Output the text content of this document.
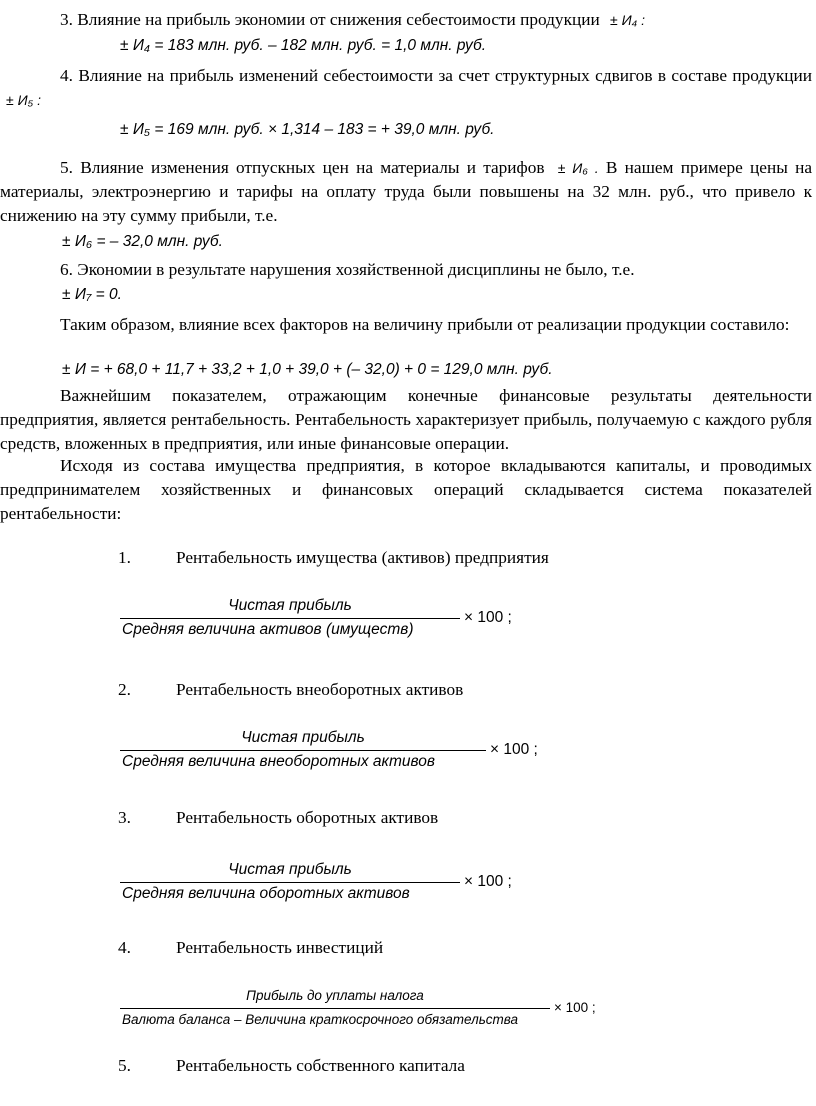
3. Влияние на прибыль экономии от снижения себестоимости продукции ± И₄ :

± И₄ = 183 млн. руб. – 182 млн. руб. = 1,0 млн. руб.

4. Влияние на прибыль изменений себестоимости за счет структурных сдвигов в составе продукции ± И₅ :

± И₅ = 169 млн. руб. × 1,314 – 183 = + 39,0 млн. руб.

5. Влияние изменения отпускных цен на материалы и тарифов ± И₆ . В нашем примере цены на материалы, электроэнергию и тарифы на оплату труда были повышены на 32 млн. руб., что привело к снижению на эту сумму прибыли, т.е.

± И₆ = – 32,0 млн. руб.

6. Экономии в результате нарушения хозяйственной дисциплины не было, т.е.

± И₇ = 0.

Таким образом, влияние всех факторов на величину прибыли от реализации продукции составило:

± И = + 68,0 + 11,7 + 33,2 + 1,0 + 39,0 + (– 32,0) + 0 = 129,0 млн. руб.

Важнейшим показателем, отражающим конечные финансовые результаты деятельности предприятия, является рентабельность. Рентабельность характеризует прибыль, получаемую с каждого рубля средств, вложенных в предприятия, или иные финансовые операции.

Исходя из состава имущества предприятия, в которое вкладываются капиталы, и проводимых предпринимателем хозяйственных и финансовых операций складывается система показателей рентабельности:

1.	Рентабельность имущества (активов) предприятия
Чистая прибыль
Средняя величина активов (имуществ)
× 100 ;
2.	Рентабельность внеоборотных активов
Чистая прибыль
Средняя величина внеоборотных активов
× 100 ;
3.	Рентабельность оборотных активов
Чистая прибыль
Средняя величина оборотных активов
× 100 ;
4.	Рентабельность инвестиций
Прибыль до уплаты налога
Валюта баланса – Величина краткосрочного обязательства
× 100 ;
5.	Рентабельность собственного капитала
